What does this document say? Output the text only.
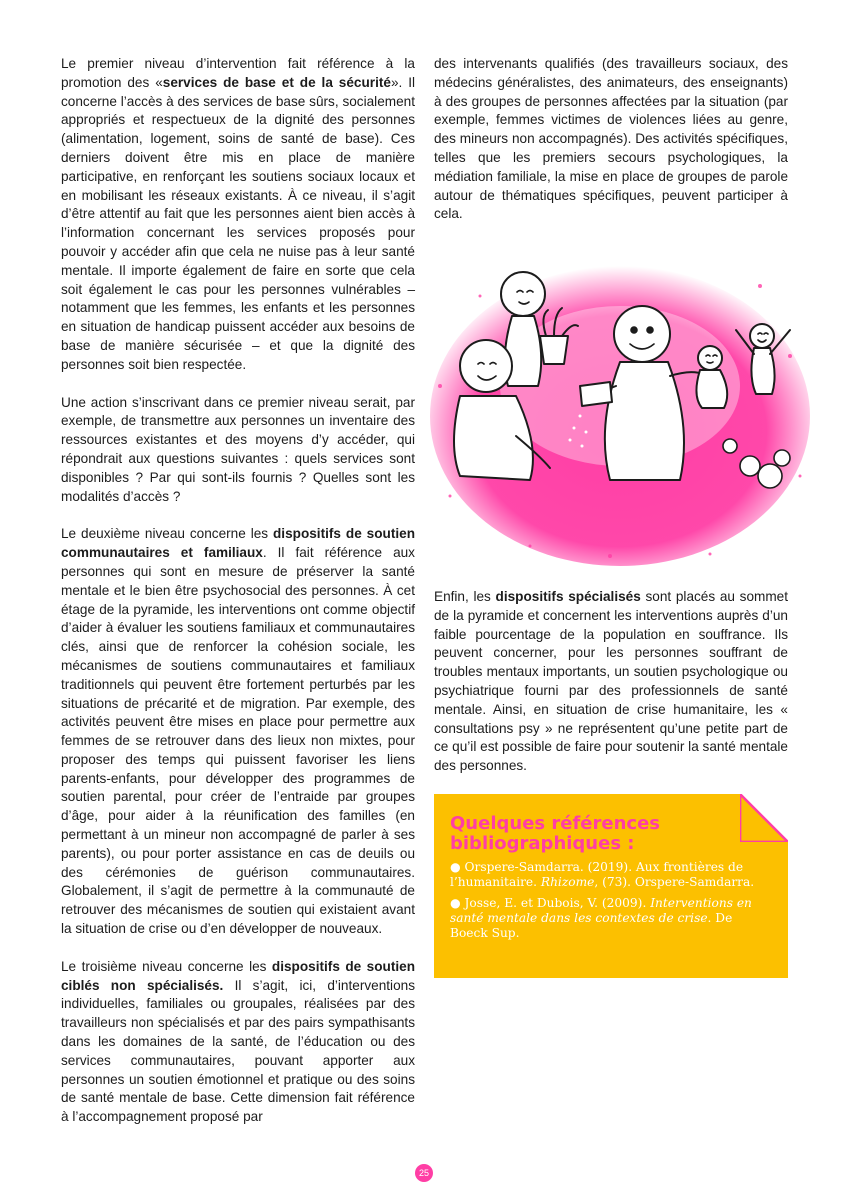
Le premier niveau d’intervention fait référence à la promotion des «services de base et de la sécurité». Il concerne l’accès à des services de base sûrs, socialement appropriés et respectueux de la dignité des personnes (alimentation, logement, soins de santé de base). Ces derniers doivent être mis en place de manière participative, en renforçant les soutiens sociaux locaux et en mobilisant les réseaux existants. À ce niveau, il s’agit d’être attentif au fait que les personnes aient bien accès à l’information concernant les services proposés pour pouvoir y accéder afin que cela ne nuise pas à leur santé mentale. Il importe également de faire en sorte que cela soit également le cas pour les personnes vulnérables – notamment que les femmes, les enfants et les personnes en situation de handicap puissent accéder aux besoins de base de manière sécurisée – et que la dignité des personnes soit bien respectée.

Une action s’inscrivant dans ce premier niveau serait, par exemple, de transmettre aux personnes un inventaire des ressources existantes et des moyens d’y accéder, qui répondrait aux questions suivantes : quels services sont disponibles ? Par qui sont-ils fournis ? Quelles sont les modalités d’accès ?

Le deuxième niveau concerne les dispositifs de soutien communautaires et familiaux. Il fait référence aux personnes qui sont en mesure de préserver la santé mentale et le bien être psychosocial des personnes. À cet étage de la pyramide, les interventions ont comme objectif d’aider à évaluer les soutiens familiaux et communautaires clés, ainsi que de renforcer la cohésion sociale, les mécanismes de soutiens communautaires et familiaux traditionnels qui peuvent être fortement perturbés par les situations de précarité et de migration. Par exemple, des activités peuvent être mises en place pour permettre aux femmes de se retrouver dans des lieux non mixtes, pour proposer des temps qui puissent favoriser les liens parents-enfants, pour développer des programmes de soutien parental, pour créer de l’entraide par groupes d’âge, pour aider à la réunification des familles (en permettant à un mineur non accompagné de parler à ses parents), ou pour porter assistance en cas de deuils ou des cérémonies de guérison communautaires. Globalement, il s’agit de permettre à la communauté de retrouver des mécanismes de soutien qui existaient avant la situation de crise ou d’en développer de nouveaux.

Le troisième niveau concerne les dispositifs de soutien ciblés non spécialisés. Il s’agit, ici, d’interventions individuelles, familiales ou groupales, réalisées par des travailleurs non spécialisés et par des pairs sympathisants dans les domaines de la santé, de l’éducation ou des services communautaires, pouvant apporter aux personnes un soutien émotionnel et pratique ou des soins de santé mentale de base. Cette dimension fait référence à l’accompagnement proposé par

des intervenants qualifiés (des travailleurs sociaux, des médecins généralistes, des animateurs, des enseignants) à des groupes de personnes affectées par la situation (par exemple, femmes victimes de violences liées au genre, des mineurs non accompagnés). Des activités spécifiques, telles que les premiers secours psychologiques, la médiation familiale, la mise en place de groupes de parole autour de thématiques spécifiques, peuvent participer à cela.

Enfin, les dispositifs spécialisés sont placés au sommet de la pyramide et concernent les interventions auprès d’un faible pourcentage de la population en souffrance. Ils peuvent concerner, pour les personnes souffrant de troubles mentaux importants, un soutien psychologique ou psychiatrique fourni par des professionnels de santé mentale. Ainsi, en situation de crise humanitaire, les « consultations psy » ne représentent qu’une petite part de ce qu’il est possible de faire pour soutenir la santé mentale des personnes.

Quelques références bibliographiques :

● Orspere-Samdarra. (2019). Aux frontières de l’humanitaire. Rhizome, (73). Orspere-Samdarra.

● Josse, E. et Dubois, V. (2009). Interventions en santé mentale dans les contextes de crise. De Boeck Sup.

25
